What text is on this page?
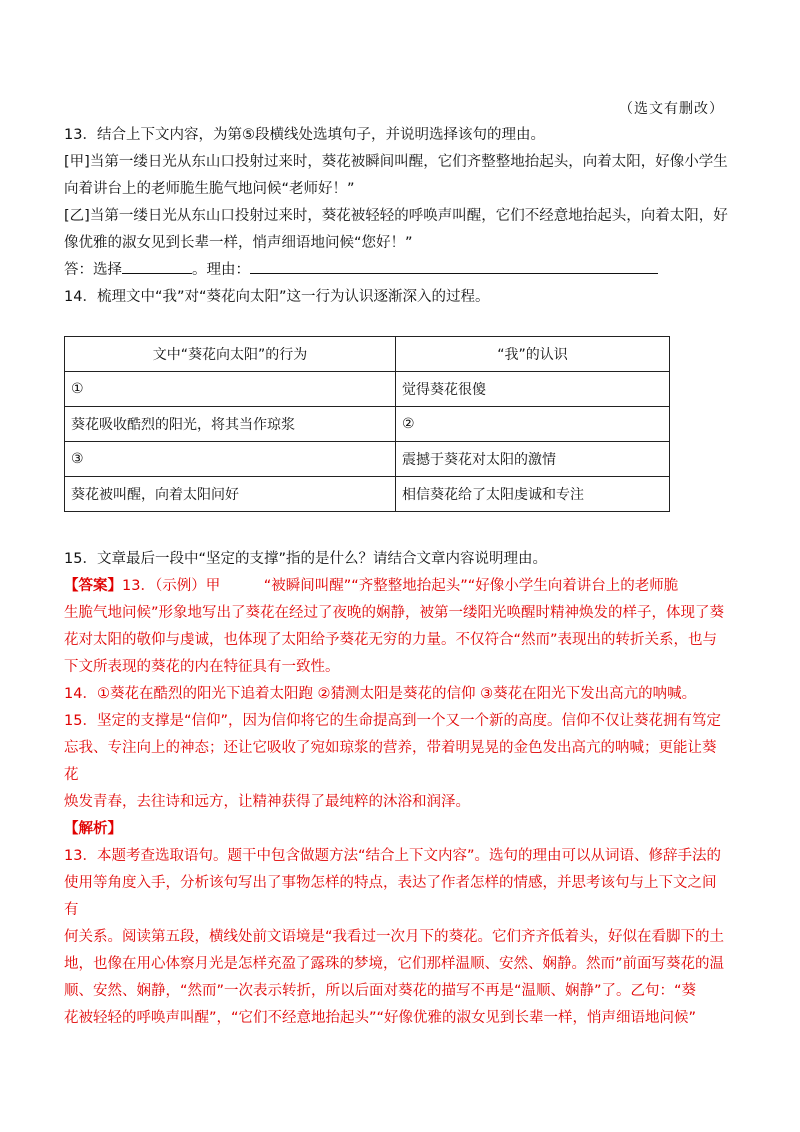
（选文有删改）
13．结合上下文内容，为第⑤段横线处选填句子，并说明选择该句的理由。
[甲]当第一缕日光从东山口投射过来时，葵花被瞬间叫醒，它们齐整整地抬起头，向着太阳，好像小学生
向着讲台上的老师脆生脆气地问候“老师好！”
[乙]当第一缕日光从东山口投射过来时，葵花被轻轻的呼唤声叫醒，它们不经意地抬起头，向着太阳，好
像优雅的淑女见到长辈一样，悄声细语地问候“您好！”
答：选择	。理由：
14．梳理文中“我”对“葵花向太阳”这一行为认识逐渐深入的过程。
文中“葵花向太阳”的行为	“我”的认识
①	觉得葵花很傻
葵花吸收酷烈的阳光，将其当作琼浆	②
③	震撼于葵花对太阳的激情
葵花被叫醒，向着太阳问好	相信葵花给了太阳虔诚和专注
15．文章最后一段中“坚定的支撑”指的是什么？请结合文章内容说明理由。
【答案】13．（示例）甲　　　“被瞬间叫醒”“齐整整地抬起头”“好像小学生向着讲台上的老师脆
生脆气地问候”形象地写出了葵花在经过了夜晚的娴静，被第一缕阳光唤醒时精神焕发的样子，体现了葵
花对太阳的敬仰与虔诚，也体现了太阳给予葵花无穷的力量。不仅符合“然而”表现出的转折关系，也与
下文所表现的葵花的内在特征具有一致性。
14．①葵花在酷烈的阳光下追着太阳跑 ②猜测太阳是葵花的信仰 ③葵花在阳光下发出高亢的呐喊。
15．坚定的支撑是“信仰”，因为信仰将它的生命提高到一个又一个新的高度。信仰不仅让葵花拥有笃定
忘我、专注向上的神态；还让它吸收了宛如琼浆的营养，带着明晃晃的金色发出高亢的呐喊；更能让葵花
焕发青春，去往诗和远方，让精神获得了最纯粹的沐浴和润泽。
【解析】
13．本题考查选取语句。题干中包含做题方法“结合上下文内容”。选句的理由可以从词语、修辞手法的
使用等角度入手，分析该句写出了事物怎样的特点，表达了作者怎样的情感，并思考该句与上下文之间有
何关系。阅读第五段，横线处前文语境是“我看过一次月下的葵花。它们齐齐低着头，好似在看脚下的土
地，也像在用心体察月光是怎样充盈了露珠的梦境，它们那样温顺、安然、娴静。然而”前面写葵花的温
顺、安然、娴静，“然而”一次表示转折，所以后面对葵花的描写不再是“温顺、娴静”了。乙句：“葵
花被轻轻的呼唤声叫醒”，“它们不经意地抬起头”“好像优雅的淑女见到长辈一样，悄声细语地问候”
